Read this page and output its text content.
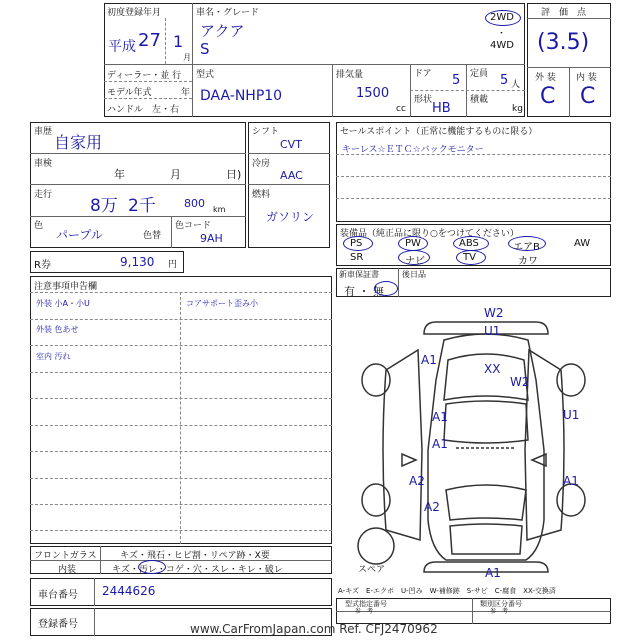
初度登録年月
平成 27 1
月
ディーラー・並 行
モデル年式	年
ハンドル　左・右
車名・グレード
アクア
S
2WD
・
4WD
型式
DAA-NHP10
排気量
1500
cc
ドア 5 定員 5 人
形状
HB
積載
kg
評　価　点
(3.5)
外 装 内 装
C C
車歴
自家用
車検
年	月	日)
走行
8万 2千	800 km
色
パープル	色替
色コード
9AH
R券	9,130 円
シフト
CVT
冷房
AAC
燃料
ガソリン
セールスポイント（正常に機能するものに限る）
キーレス☆ＥＴＣ☆バックモニター
装備品（純正品に限り○をつけてください）
PS	PW	ABS	エアB	AW
SR	ナビ	TV	カワ
新車保証書
有 ・ 無
後日品
注意事項申告欄
外装 小A・小U
外装 色あせ
室内 汚れ
コアサポート歪み小
W2
U1
XX
W2
A1
A1	U1
A1
A2
A2
A1
A1
スペア
フロントガラス	キズ・飛石・ヒビ割・リペア跡・X要
内装	キズ・汚レ・コゲ・穴・スレ・キレ・破レ
車台番号 2444626
登録番号
A-キズ　E-エクボ　U-凹み　W-補修跡　S-サビ　C-腐食　XX-交換済
型式指定番号
参　考
類別区分番号
参　考
www.CarFromJapan.com Ref. CFJ2470962
